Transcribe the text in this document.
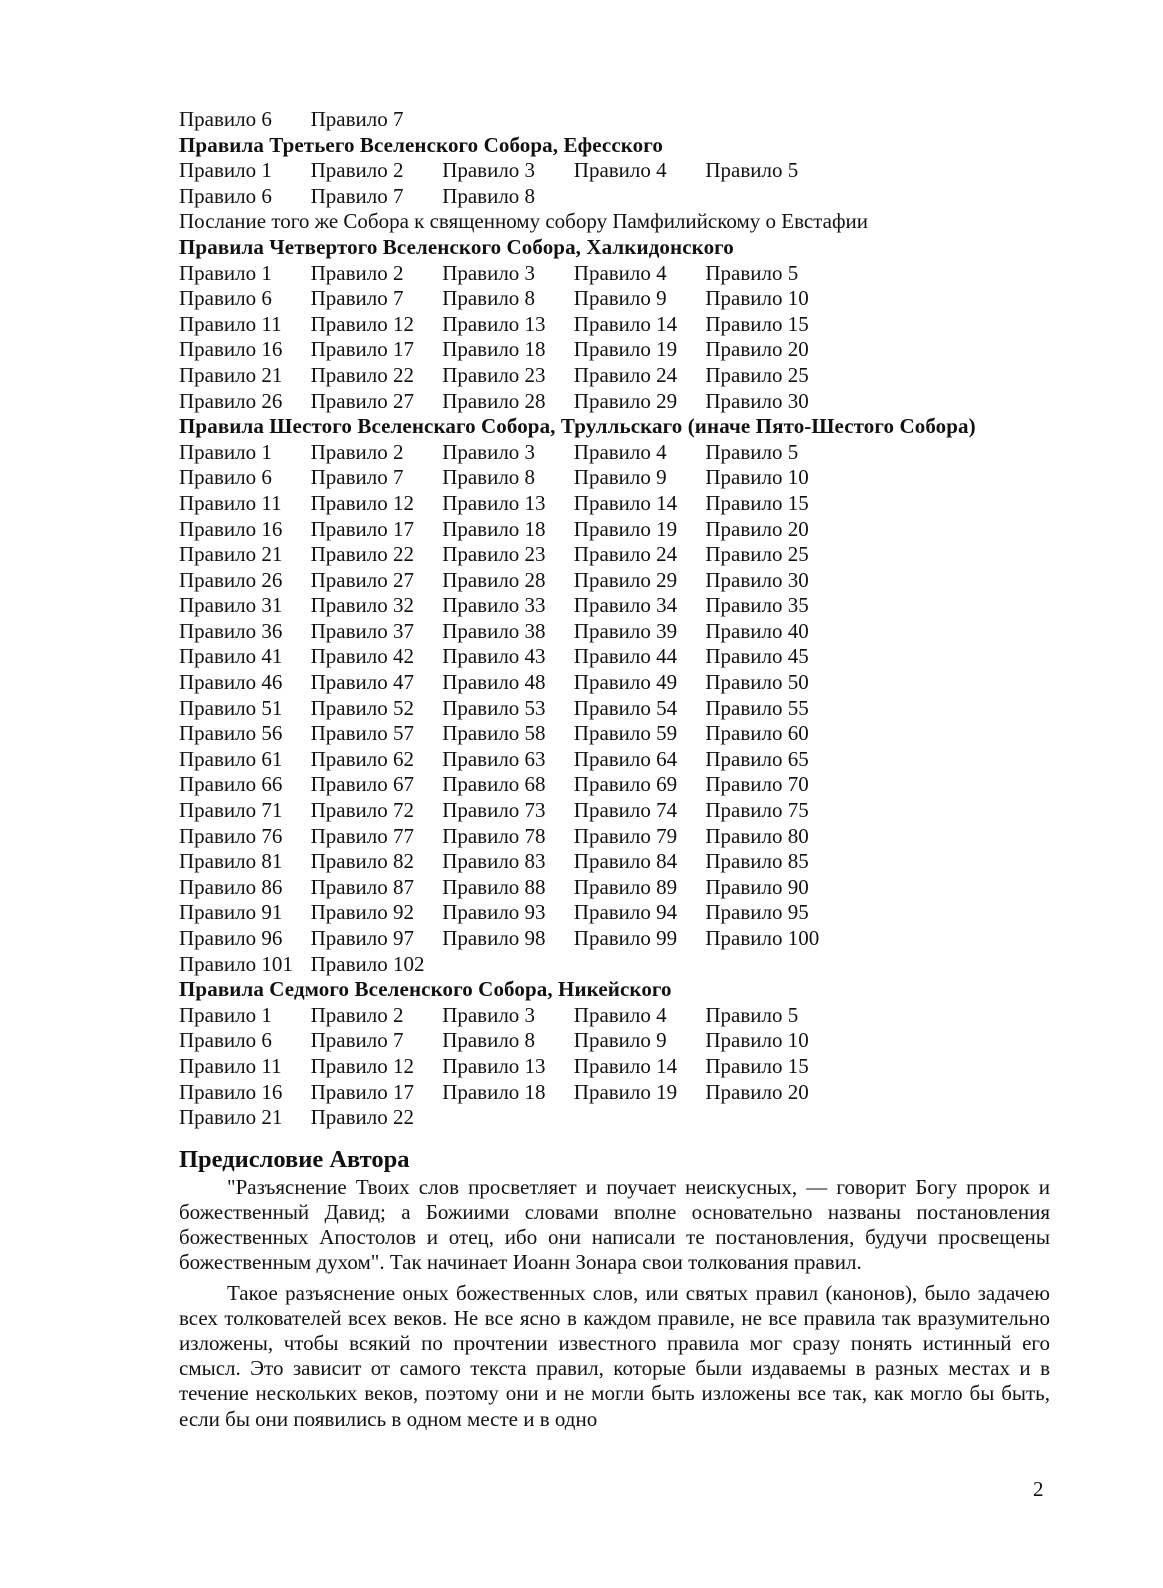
Правило 6 Правило 7
Правила Третьего Вселенского Собора, Ефесского
Правило 1 Правило 2 Правило 3 Правило 4 Правило 5
Правило 6 Правило 7 Правило 8
Послание того же Собора к священному собору Памфилийскому о Евстафии
Правила Четвертого Вселенского Собора, Халкидонского
Правило 1 Правило 2 Правило 3 Правило 4 Правило 5
Правило 6 Правило 7 Правило 8 Правило 9 Правило 10
Правило 11 Правило 12 Правило 13 Правило 14 Правило 15
Правило 16 Правило 17 Правило 18 Правило 19 Правило 20
Правило 21 Правило 22 Правило 23 Правило 24 Правило 25
Правило 26 Правило 27 Правило 28 Правило 29 Правило 30
Правила Шестого Вселенскаго Собора, Трулльскаго (иначе Пято-Шестого Собора)
Правило 1 Правило 2 Правило 3 Правило 4 Правило 5
Правило 6 Правило 7 Правило 8 Правило 9 Правило 10
Правило 11 Правило 12 Правило 13 Правило 14 Правило 15
Правило 16 Правило 17 Правило 18 Правило 19 Правило 20
Правило 21 Правило 22 Правило 23 Правило 24 Правило 25
Правило 26 Правило 27 Правило 28 Правило 29 Правило 30
Правило 31 Правило 32 Правило 33 Правило 34 Правило 35
Правило 36 Правило 37 Правило 38 Правило 39 Правило 40
Правило 41 Правило 42 Правило 43 Правило 44 Правило 45
Правило 46 Правило 47 Правило 48 Правило 49 Правило 50
Правило 51 Правило 52 Правило 53 Правило 54 Правило 55
Правило 56 Правило 57 Правило 58 Правило 59 Правило 60
Правило 61 Правило 62 Правило 63 Правило 64 Правило 65
Правило 66 Правило 67 Правило 68 Правило 69 Правило 70
Правило 71 Правило 72 Правило 73 Правило 74 Правило 75
Правило 76 Правило 77 Правило 78 Правило 79 Правило 80
Правило 81 Правило 82 Правило 83 Правило 84 Правило 85
Правило 86 Правило 87 Правило 88 Правило 89 Правило 90
Правило 91 Правило 92 Правило 93 Правило 94 Правило 95
Правило 96 Правило 97 Правило 98 Правило 99 Правило 100
Правило 101 Правило 102
Правила Седмого Вселенского Собора, Никейского
Правило 1 Правило 2 Правило 3 Правило 4 Правило 5
Правило 6 Правило 7 Правило 8 Правило 9 Правило 10
Правило 11 Правило 12 Правило 13 Правило 14 Правило 15
Правило 16 Правило 17 Правило 18 Правило 19 Правило 20
Правило 21 Правило 22
Предисловие Автора

"Разъяснение Твоих слов просветляет и поучает неискусных, — говорит Богу пророк и божественный Давид; а Божиими словами вполне основательно названы постановления божественных Апостолов и отец, ибо они написали те постановления, будучи просвещены божественным духом". Так начинает Иоанн Зонара свои толкования правил.

Такое разъяснение оных божественных слов, или святых правил (канонов), было задачею всех толкователей всех веков. Не все ясно в каждом правиле, не все правила так вразумительно изложены, чтобы всякий по прочтении известного правила мог сразу понять истинный его смысл. Это зависит от самого текста правил, которые были издаваемы в разных местах и в течение нескольких веков, поэтому они и не могли быть изложены все так, как могло бы быть, если бы они появились в одном месте и в одно

2
